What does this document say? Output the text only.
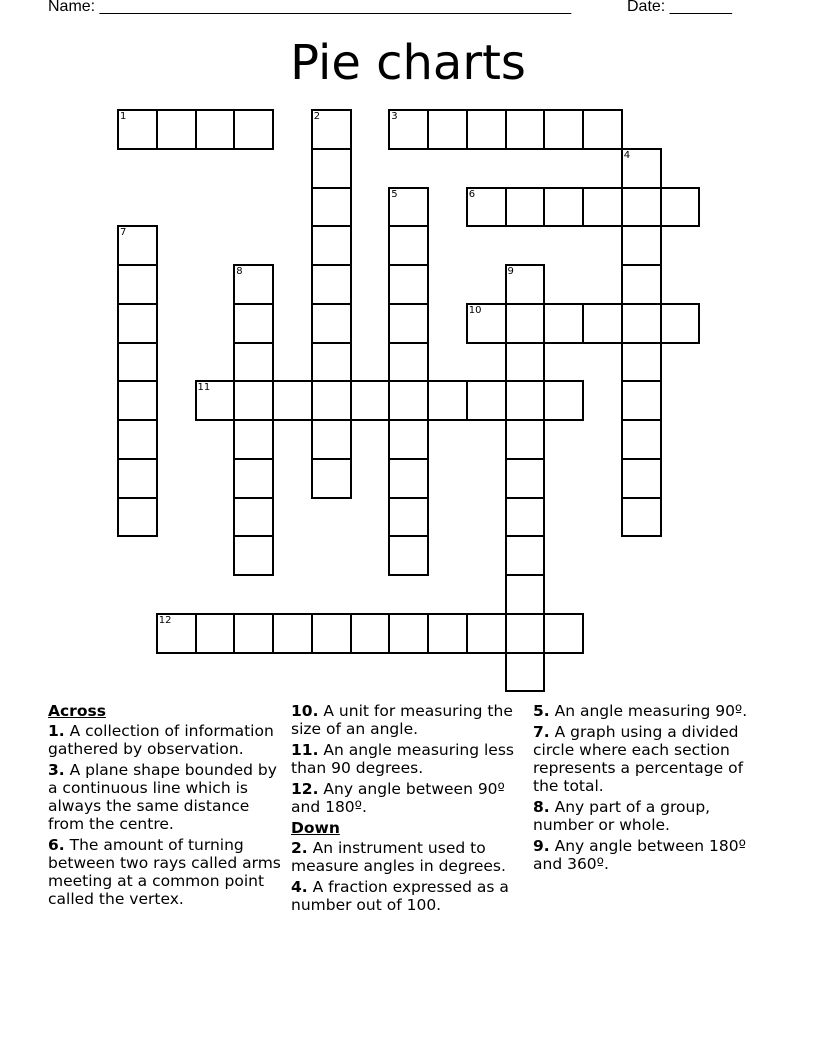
Name: _____________________________________________________	Date: _______
Pie charts
1	2	3
4
5	6
7
8	9
10
11
12
Across
1. A collection of information gathered by observation.
3. A plane shape bounded by a continuous line which is always the same distance from the centre.
6. The amount of turning between two rays called arms meeting at a common point called the vertex.
10. A unit for measuring the size of an angle.
11. An angle measuring less than 90 degrees.
12. Any angle between 90º and 180º.
Down
2. An instrument used to measure angles in degrees.
4. A fraction expressed as a number out of 100.
5. An angle measuring 90º.
7. A graph using a divided circle where each section represents a percentage of the total.
8. Any part of a group, number or whole.
9. Any angle between 180º and 360º.
